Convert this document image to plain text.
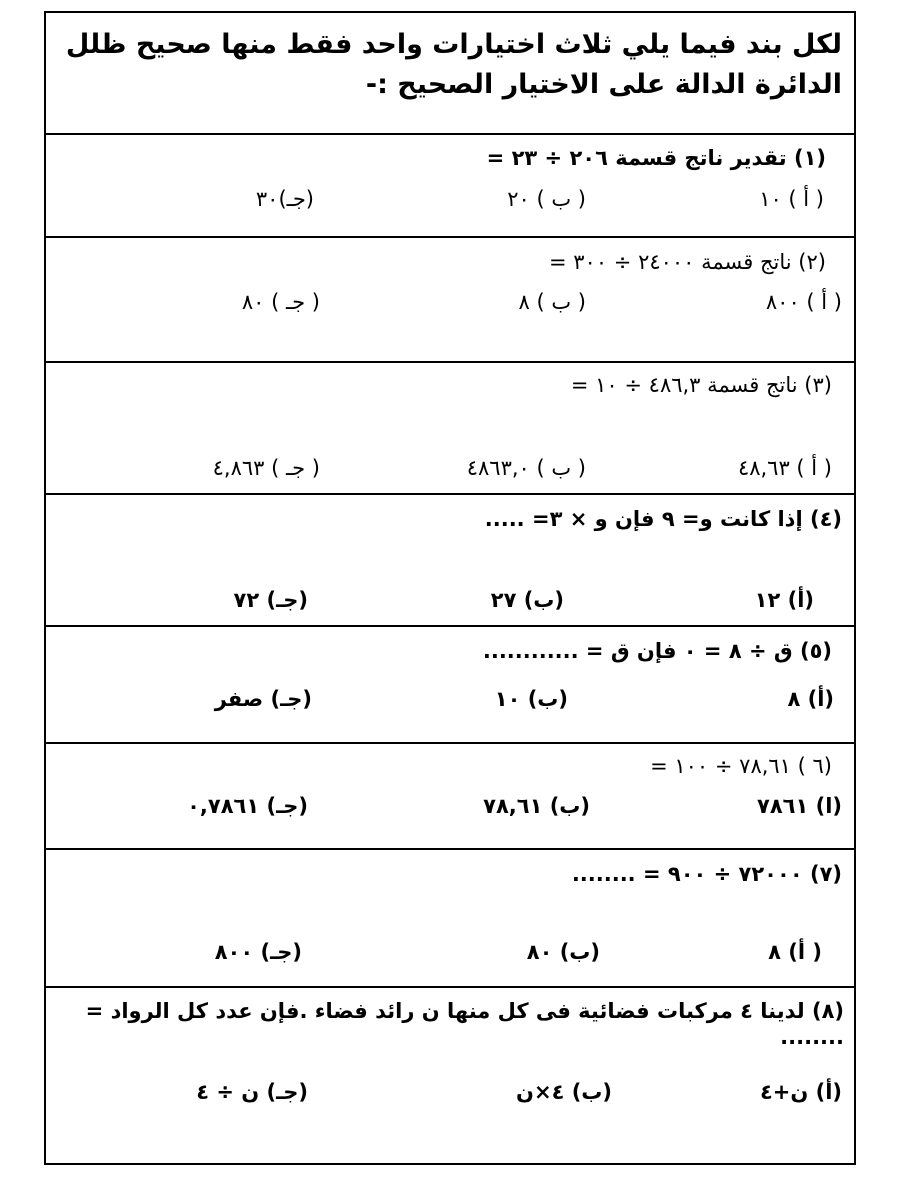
لكل بند فيما يلي ثلاث اختيارات واحد فقط منها صحيح ظلل الدائرة الدالة على الاختيار الصحيح :-
(١) تقدير ناتج قسمة ٢٠٦ ÷ ٢٣ =
( أ ) ١٠
( ب ) ٢٠
(جـ)٣٠
(٢) ناتج قسمة ٢٤٠٠٠ ÷ ٣٠٠ =
( أ ) ٨٠٠
( ب ) ٨
( جـ ) ٨٠
(٣) ناتج قسمة ٤٨٦,٣ ÷ ١٠ =
( أ ) ٤٨,٦٣
( ب ) ٤٨٦٣,٠
( جـ ) ٤,٨٦٣
(٤) إذا كانت و= ٩ فإن و × ٣= .....
(أ) ١٢
(ب) ٢٧
(جـ) ٧٢
(٥) ق ÷ ٨ = ٠ فإن ق = ............
(أ) ٨
(ب) ١٠
(جـ) صفر
(٦ ) ٧٨,٦١ ÷ ١٠٠ =
(ا) ٧٨٦١
(ب) ٧٨,٦١
(جـ) ٠,٧٨٦١
(٧) ٧٢٠٠٠ ÷ ٩٠٠ = ........
( أ) ٨
(ب) ٨٠
(جـ) ٨٠٠
(٨) لدينا ٤ مركبات فضائية فى كل منها ن رائد فضاء .فإن عدد كل الرواد = ........
(أ) ن+٤
(ب) ٤×ن
(جـ) ن ÷ ٤
